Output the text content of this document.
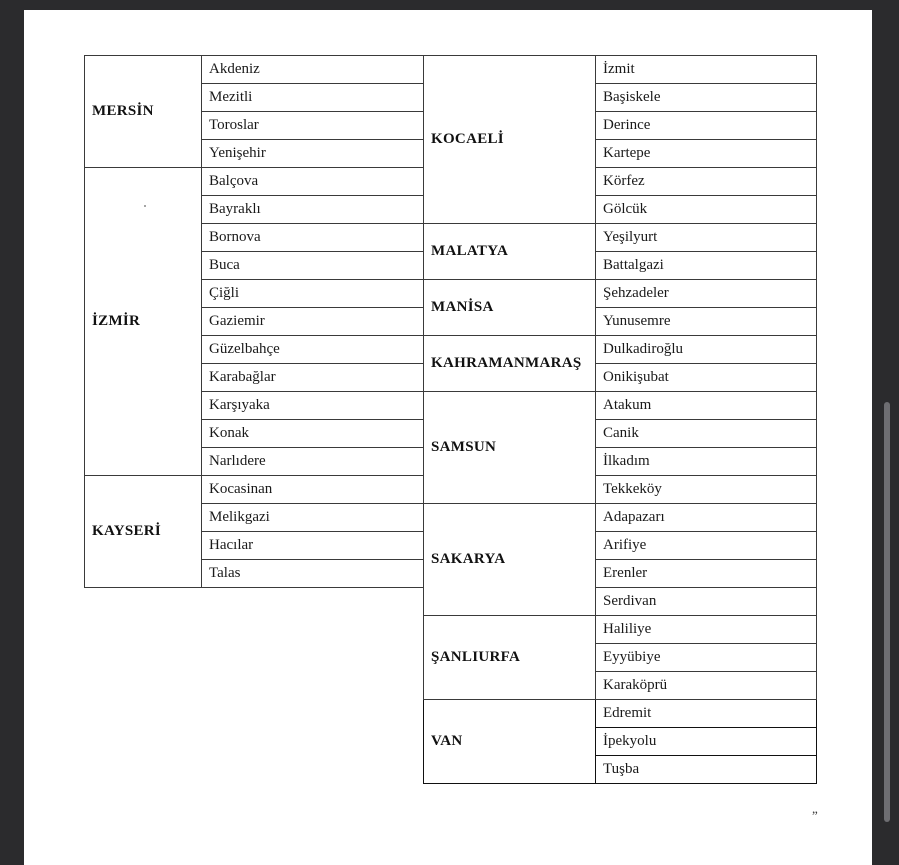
MERSİN	Akdeniz
	Mezitli
	Toroslar
	Yenişehir
İZMİR	Balçova
	Bayraklı
	Bornova
	Buca
	Çiğli
	Gaziemir
	Güzelbahçe
	Karabağlar
	Karşıyaka
	Konak
	Narlıdere
KAYSERİ	Kocasinan
	Melikgazi
	Hacılar
	Talas
KOCAELİ	İzmit
	Başiskele
	Derince
	Kartepe
	Körfez
	Gölcük
MALATYA	Yeşilyurt
	Battalgazi
MANİSA	Şehzadeler
	Yunusemre
KAHRAMANMARAŞ	Dulkadiroğlu
	Onikişubat
SAMSUN	Atakum
	Canik
	İlkadım
	Tekkeköy
SAKARYA	Adapazarı
	Arifiye
	Erenler
	Serdivan
ŞANLIURFA	Haliliye
	Eyyübiye
	Karaköprü
VAN	Edremit
	İpekyolu
	Tuşba
”
